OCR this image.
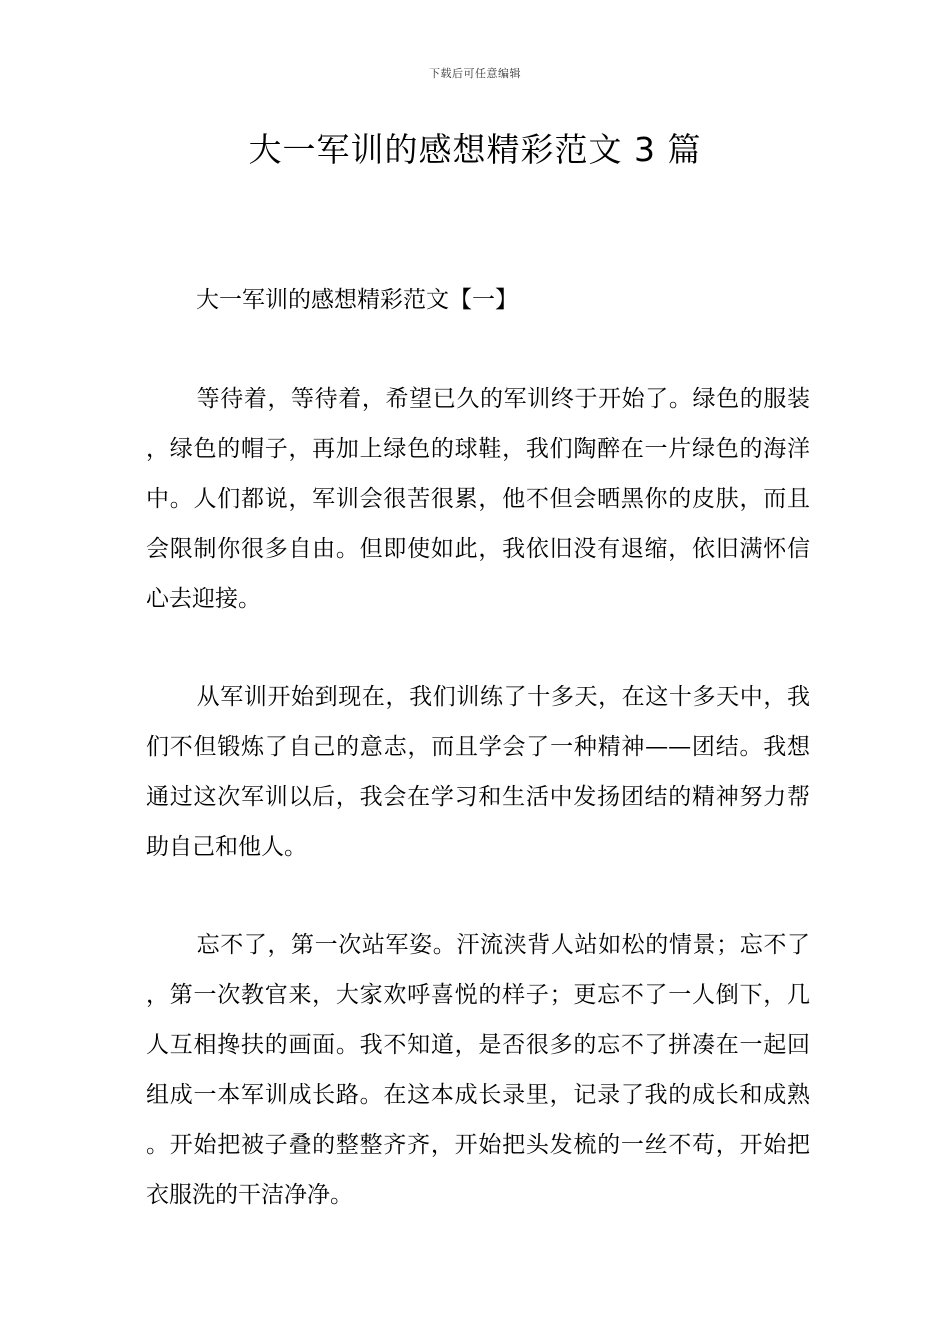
下载后可任意编辑
大一军训的感想精彩范文 3 篇
大一军训的感想精彩范文【一】

等待着，等待着，希望已久的军训终于开始了。绿色的服装，绿色的帽子，再加上绿色的球鞋，我们陶醉在一片绿色的海洋中。人们都说，军训会很苦很累，他不但会晒黑你的皮肤，而且会限制你很多自由。但即使如此，我依旧没有退缩，依旧满怀信心去迎接。

从军训开始到现在，我们训练了十多天，在这十多天中，我们不但锻炼了自己的意志，而且学会了一种精神——团结。我想通过这次军训以后，我会在学习和生活中发扬团结的精神努力帮助自己和他人。

忘不了，第一次站军姿。汗流浃背人站如松的情景；忘不了，第一次教官来，大家欢呼喜悦的样子；更忘不了一人倒下，几人互相搀扶的画面。我不知道，是否很多的忘不了拼凑在一起回组成一本军训成长路。在这本成长录里，记录了我的成长和成熟。开始把被子叠的整整齐齐，开始把头发梳的一丝不苟，开始把衣服洗的干洁净净。
